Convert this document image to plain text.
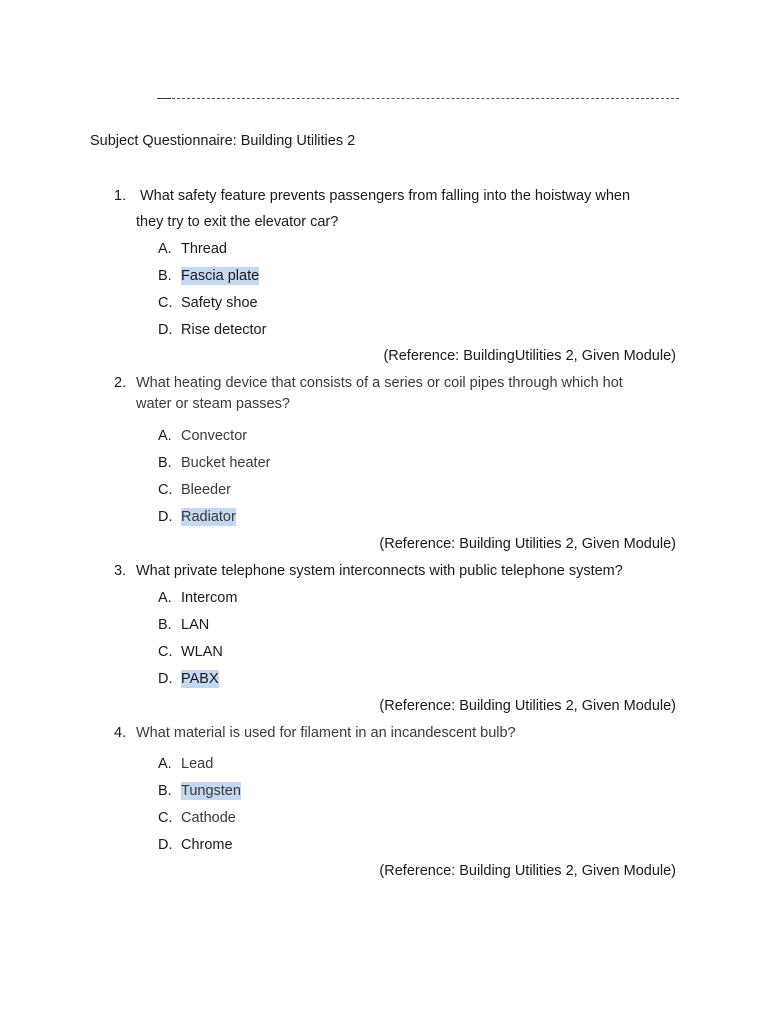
Subject Questionnaire: Building Utilities 2
1. What safety feature prevents passengers from falling into the hoistway when
they try to exit the elevator car?
A. Thread
B. Fascia plate
C. Safety shoe
D. Rise detector
(Reference: BuildingUtilities 2, Given Module)
2. What heating device that consists of a series or coil pipes through which hot
water or steam passes?
A. Convector
B. Bucket heater
C. Bleeder
D. Radiator
(Reference: Building Utilities 2, Given Module)
3. What private telephone system interconnects with public telephone system?
A. Intercom
B. LAN
C. WLAN
D. PABX
(Reference: Building Utilities 2, Given Module)
4. What material is used for filament in an incandescent bulb?
A. Lead
B. Tungsten
C. Cathode
D. Chrome
(Reference: Building Utilities 2, Given Module)
